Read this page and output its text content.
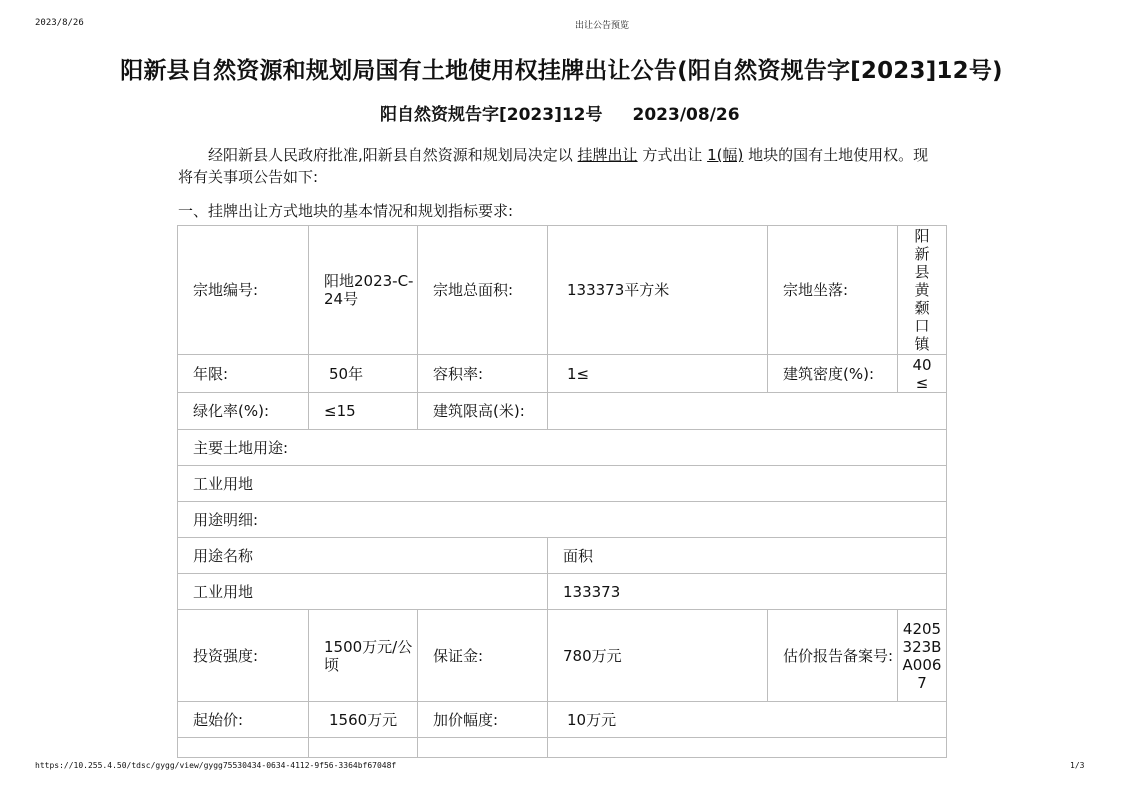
2023/8/26	出让公告预览
阳新县自然资源和规划局国有土地使用权挂牌出让公告(阳自然资规告字[2023]12号)
阳自然资规告字[2023]12号 2023/08/26
经阳新县人民政府批准,阳新县自然资源和规划局决定以 挂牌出让 方式出让 1(幅) 地块的国有土地使用权。现将有关事项公告如下:
一、挂牌出让方式地块的基本情况和规划指标要求:
宗地编号:	阳地2023-C-24号	宗地总面积:	133373平方米	宗地坐落:	阳新县黄颡口镇
年限:	50年	容积率:	1≤	建筑密度(%):	40≤
绿化率(%):	≤15	建筑限高(米):			
主要土地用途:					
工业用地					
用途明细:					
用途名称			面积		
工业用地			133373		
投资强度:	1500万元/公顷	保证金:	780万元	估价报告备案号:	4205323BA0067
起始价:	1560万元	加价幅度:	10万元		

https://10.255.4.50/tdsc/gygg/view/gygg75530434-0634-4112-9f56-3364bf67048f	1/3
